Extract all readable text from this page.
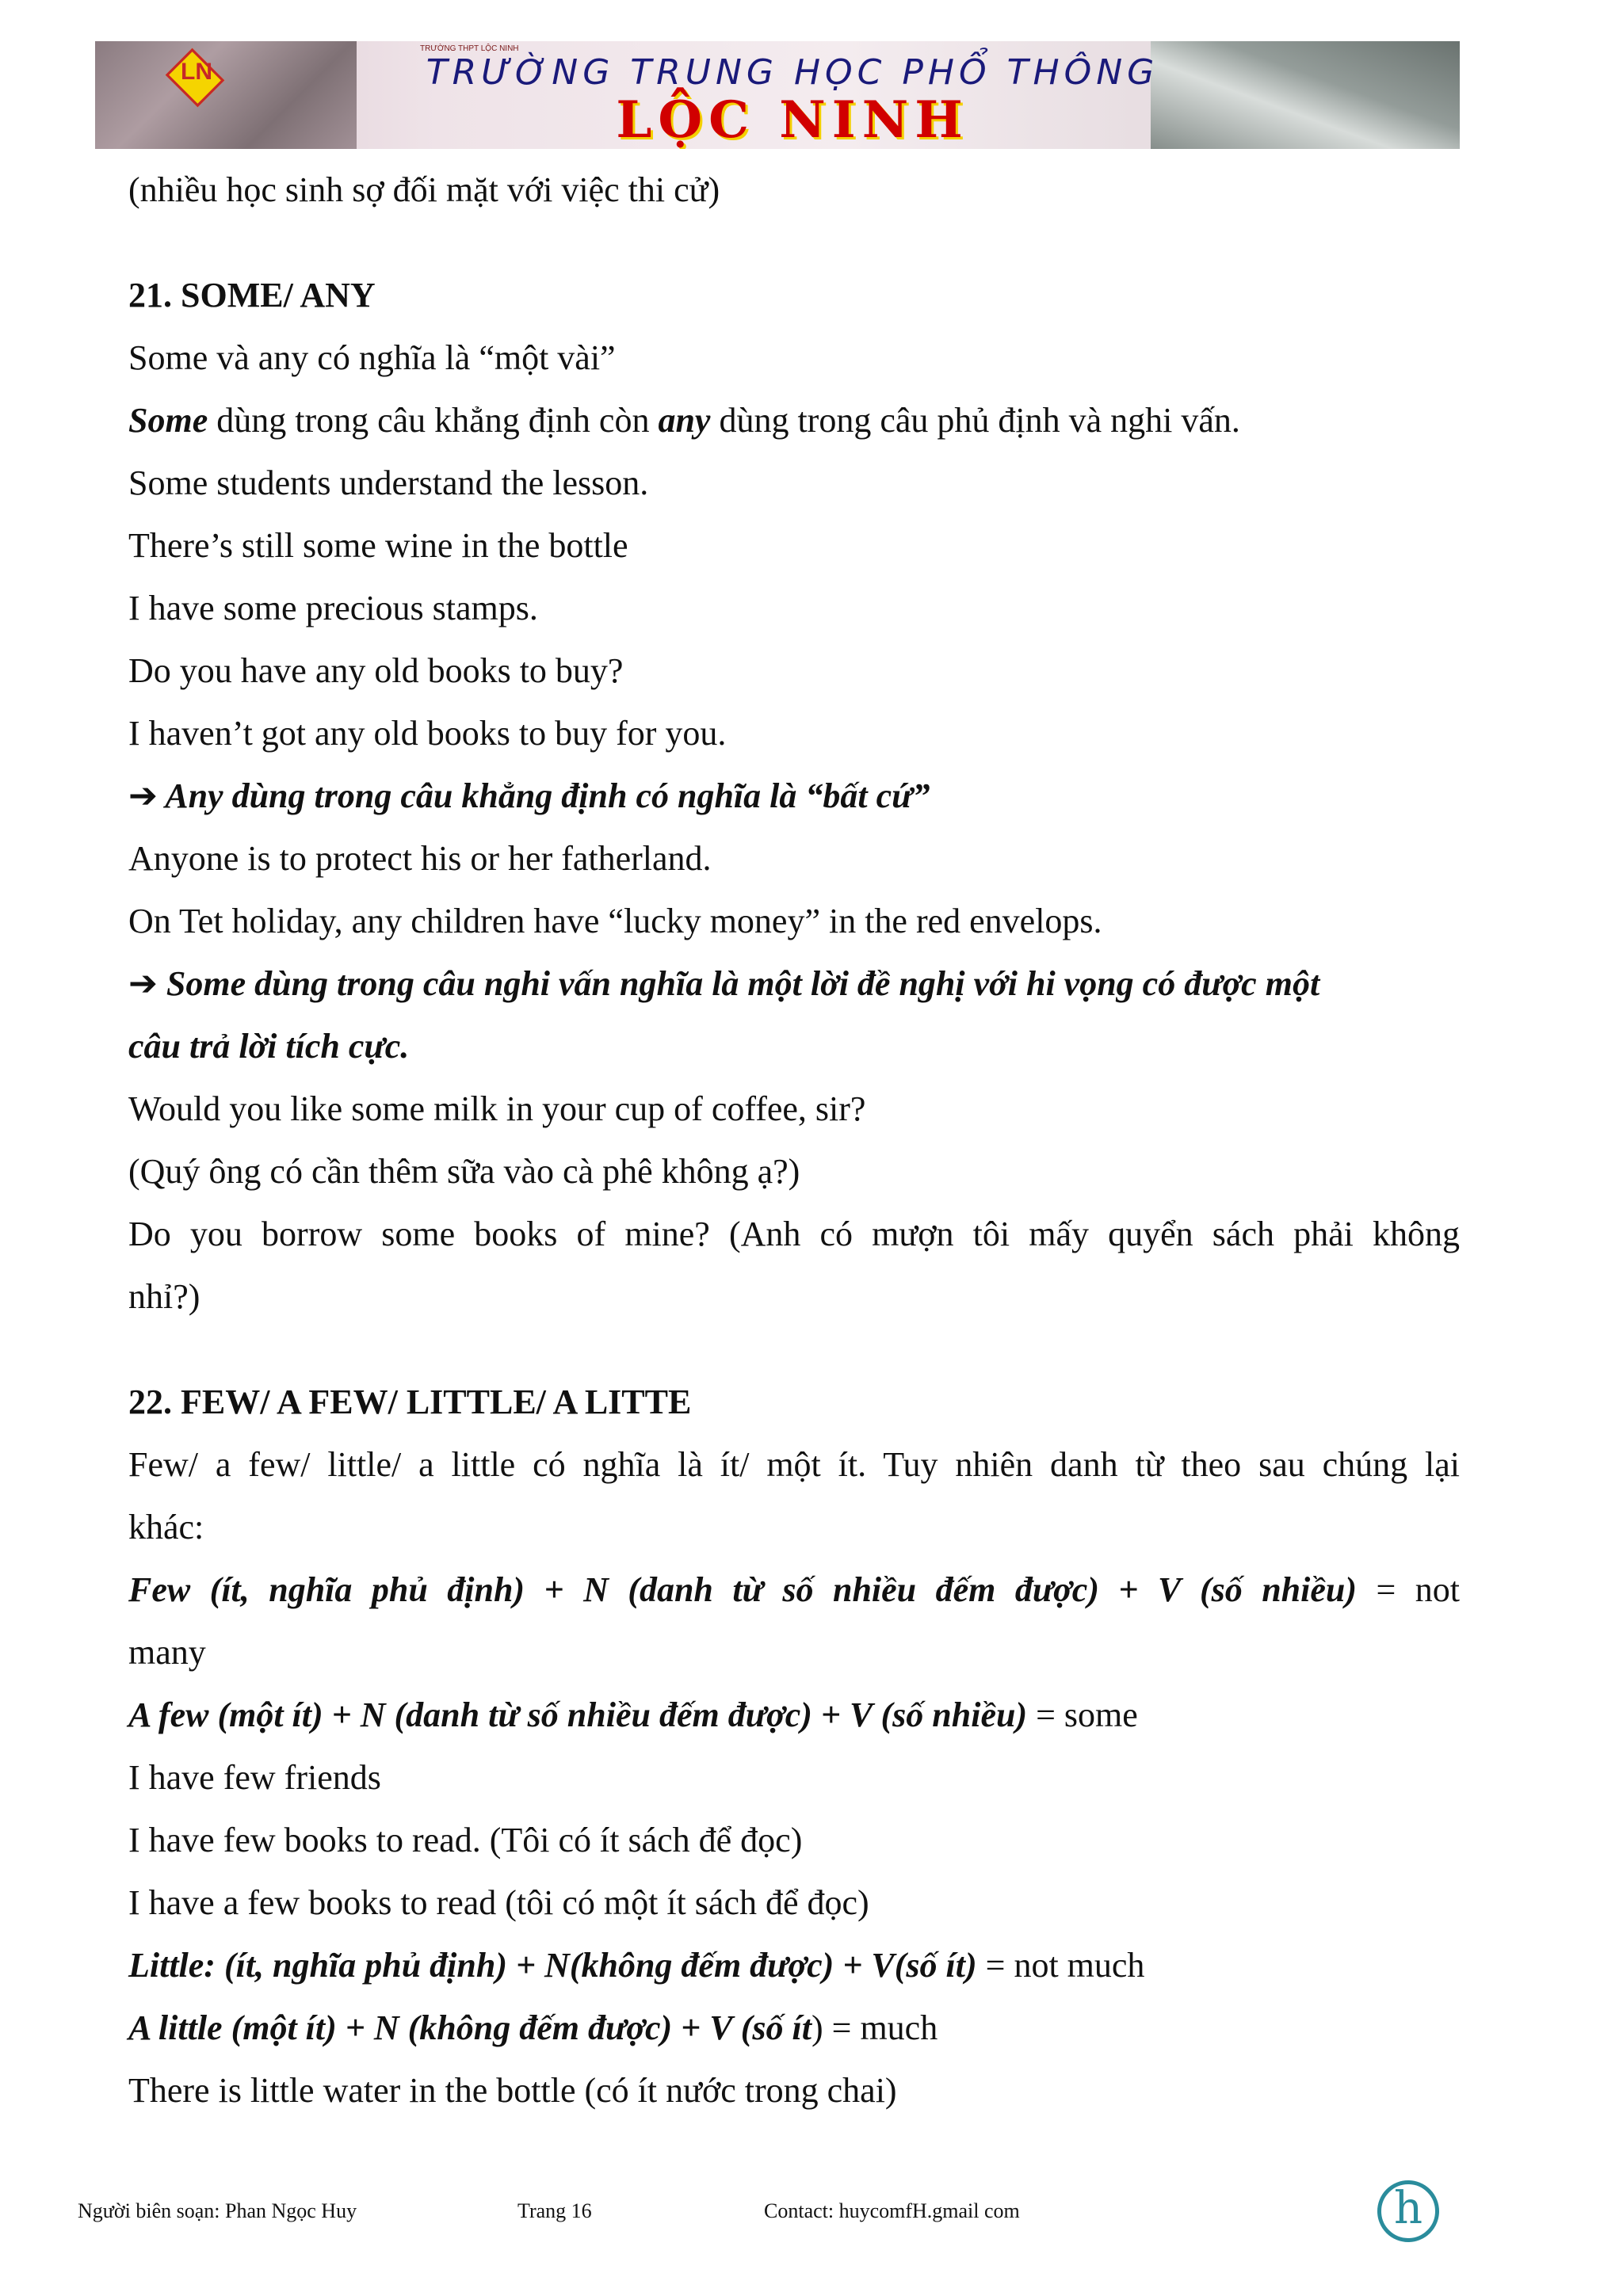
LN
TRƯỜNG THPT LỘC NINH
TRƯỜNG TRUNG HỌC PHỔ THÔNG
LỘC NINH
(nhiều học sinh sợ đối mặt với việc thi cử)
21. SOME/ ANY
Some và any có nghĩa là “một vài”
Some dùng trong câu khẳng định còn any dùng trong câu phủ định và nghi vấn.
Some students understand the lesson.
There’s still some wine in the bottle
I have some precious stamps.
Do you have any old books to buy?
I haven’t got any old books to buy for you.
➔ Any dùng trong câu khẳng định có nghĩa là “bất cứ”
Anyone is to protect his or her fatherland.
On Tet holiday, any children have “lucky money” in the red envelops.
➔ Some dùng trong câu nghi vấn nghĩa là một lời đề nghị với hi vọng có được một
câu trả lời tích cực.
Would you like some milk in your cup of coffee, sir?
(Quý ông có cần thêm sữa vào cà phê không ạ?)
Do you borrow some books of mine? (Anh có mượn tôi mấy quyển sách phải không
nhỉ?)
22. FEW/ A FEW/ LITTLE/ A LITTE
Few/ a few/ little/ a little có nghĩa là ít/ một ít. Tuy nhiên danh từ theo sau chúng lại
khác:
Few (ít, nghĩa phủ định) + N (danh từ số nhiều đếm được) + V (số nhiều) = not
many
A few (một ít) + N (danh từ số nhiều đếm được) + V (số nhiều) = some
I have few friends
I have few books to read. (Tôi có ít sách để đọc)
I have a few books to read (tôi có một ít sách để đọc)
Little: (ít, nghĩa phủ định) + N(không đếm được) + V(số ít) = not much
A little (một ít) + N (không đếm được) + V (số ít) = much
There is little water in the bottle (có ít nước trong chai)
Người biên soạn: Phan Ngọc Huy	Trang 16	Contact: huycomfH.gmail com	h
